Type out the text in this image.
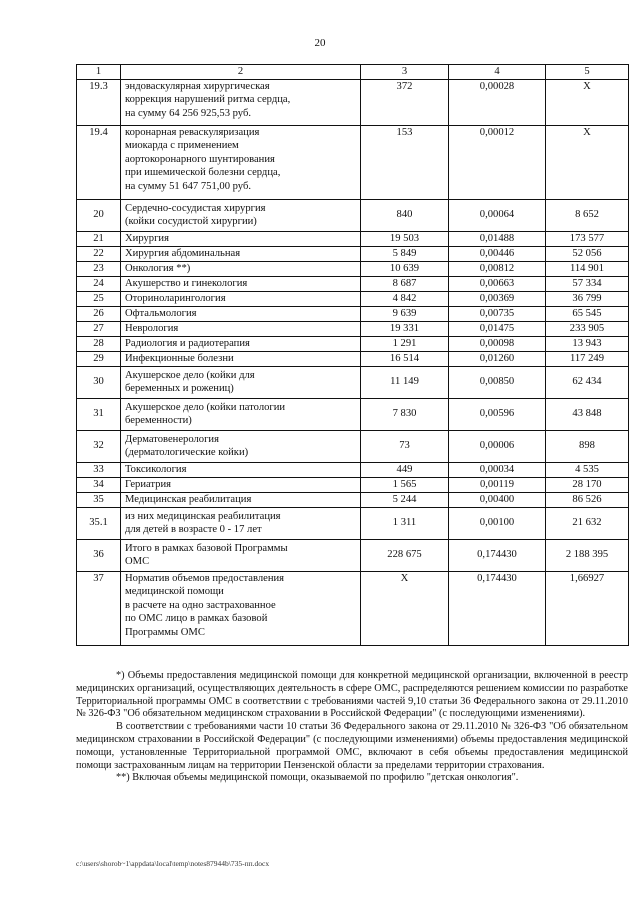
20
1	2	3	4	5
19.3	эндоваскулярная хирургическая
коррекция нарушений ритма сердца,
на сумму 64 256 925,53 руб.	372	0,00028	Х
19.4	коронарная реваскуляризация
миокарда с применением
аортокоронарного шунтирования
при ишемической болезни сердца,
на сумму 51 647 751,00 руб.	153	0,00012	Х
20	Сердечно-сосудистая хирургия
(койки сосудистой хирургии)	840	0,00064	8 652
21	Хирургия	19 503	0,01488	173 577
22	Хирургия абдоминальная	5 849	0,00446	52 056
23	Онкология **)	10 639	0,00812	114 901
24	Акушерство и гинекология	8 687	0,00663	57 334
25	Оториноларингология	4 842	0,00369	36 799
26	Офтальмология	9 639	0,00735	65 545
27	Неврология	19 331	0,01475	233 905
28	Радиология и радиотерапия	1 291	0,00098	13 943
29	Инфекционные болезни	16 514	0,01260	117 249
30	Акушерское дело (койки для
беременных и рожениц)	11 149	0,00850	62 434
31	Акушерское дело (койки патологии
беременности)	7 830	0,00596	43 848
32	Дерматовенерология
(дерматологические койки)	73	0,00006	898
33	Токсикология	449	0,00034	4 535
34	Гериатрия	1 565	0,00119	28 170
35	Медицинская реабилитация	5 244	0,00400	86 526
35.1	из них медицинская реабилитация
для детей в возрасте 0 - 17 лет	1 311	0,00100	21 632
36	Итого в рамках базовой Программы
ОМС	228 675	0,174430	2 188 395
37	Норматив объемов предоставления
медицинской помощи
в расчете на одно застрахованное
по ОМС лицо в рамках базовой
Программы ОМС	Х	0,174430	1,66927

*) Объемы предоставления медицинской помощи для конкретной медицинской организации, включенной в реестр медицинских организаций, осуществляющих деятельность в сфере ОМС, распределяются решением комиссии по разработке Территориальной программы ОМС в соответствии с требованиями частей 9,10 статьи 36 Федерального закона от 29.11.2010 № 326-ФЗ "Об обязательном медицинском страховании в Российской Федерации" (с последующими изменениями).

В соответствии с требованиями части 10 статьи 36 Федерального закона от 29.11.2010 № 326-ФЗ "Об обязательном медицинском страховании в Российской Федерации" (с последующими изменениями) объемы предоставления медицинской помощи, установленные Территориальной программой ОМС, включают в себя объемы предоставления медицинской помощи застрахованным лицам на территории Пензенской области за пределами территории страхования.

**) Включая объемы медицинской помощи, оказываемой по профилю "детская онкология".

c:\users\shorob~1\appdata\local\temp\notes87944b\735-пп.docx
